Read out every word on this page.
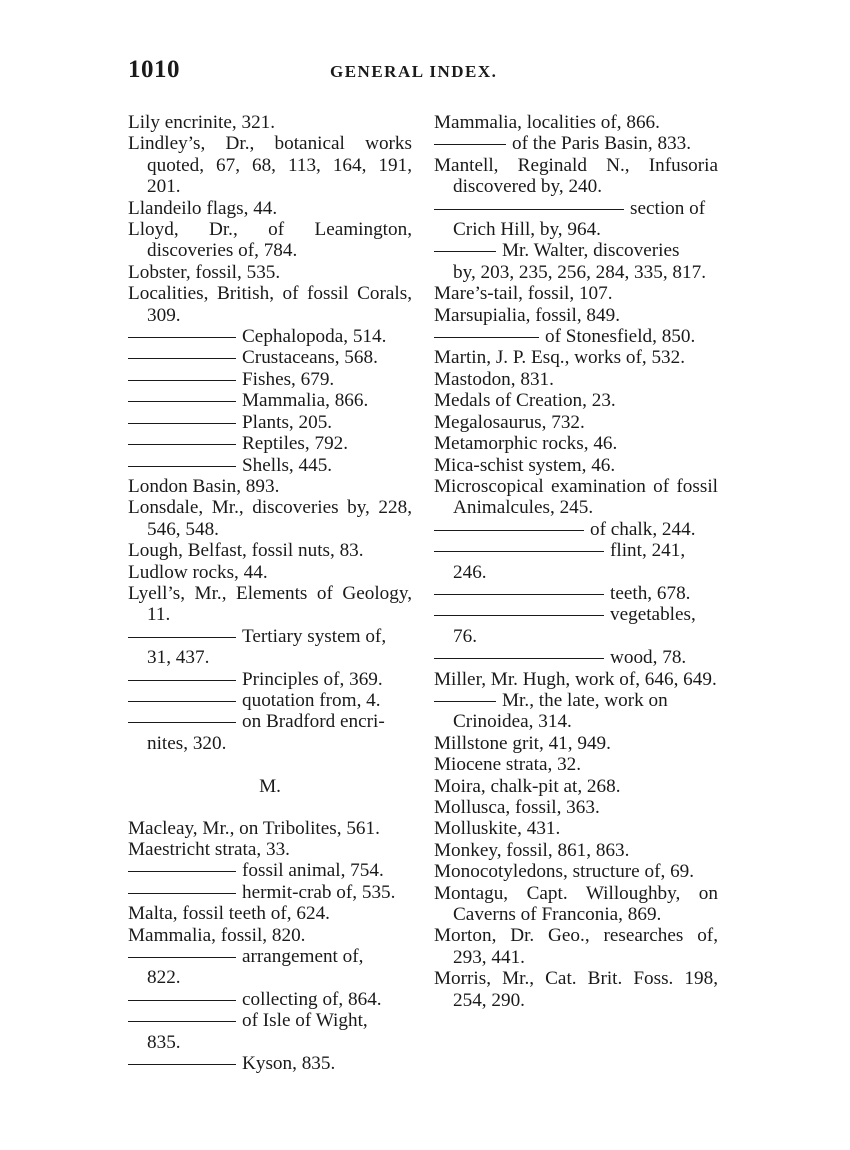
1010	GENERAL INDEX.
Lily encrinite, 321.
Lindley’s, Dr., botanical works quoted, 67, 68, 113, 164, 191, 201.
Llandeilo flags, 44.
Lloyd, Dr., of Leamington, discoveries of, 784.
Lobster, fossil, 535.
Localities, British, of fossil Corals, 309.
Cephalopoda, 514.
Crustaceans, 568.
Fishes, 679.
Mammalia, 866.
Plants, 205.
Reptiles, 792.
Shells, 445.
London Basin, 893.
Lonsdale, Mr., discoveries by, 228, 546, 548.
Lough, Belfast, fossil nuts, 83.
Ludlow rocks, 44.
Lyell’s, Mr., Elements of Geology, 11.
Tertiary system of,
31, 437.
Principles of, 369.
quotation from, 4.
on Bradford encri-
nites, 320.
M.
Macleay, Mr., on Tribolites, 561.
Maestricht strata, 33.
fossil animal, 754.
hermit-crab of, 535.
Malta, fossil teeth of, 624.
Mammalia, fossil, 820.
arrangement of,
822.
collecting of, 864.
of Isle of Wight,
835.
Kyson, 835.
Mammalia, localities of, 866.
of the Paris Basin, 833.
Mantell, Reginald N., Infusoria discovered by, 240.
section of
Crich Hill, by, 964.
Mr. Walter, discoveries
by, 203, 235, 256, 284, 335, 817.
Mare’s-tail, fossil, 107.
Marsupialia, fossil, 849.
of Stonesfield, 850.
Martin, J. P. Esq., works of, 532.
Mastodon, 831.
Medals of Creation, 23.
Megalosaurus, 732.
Metamorphic rocks, 46.
Mica-schist system, 46.
Microscopical examination of fossil Animalcules, 245.
of chalk, 244.
flint, 241,
246.
teeth, 678.
vegetables,
76.
wood, 78.
Miller, Mr. Hugh, work of, 646, 649.
Mr., the late, work on
Crinoidea, 314.
Millstone grit, 41, 949.
Miocene strata, 32.
Moira, chalk-pit at, 268.
Mollusca, fossil, 363.
Molluskite, 431.
Monkey, fossil, 861, 863.
Monocotyledons, structure of, 69.
Montagu, Capt. Willoughby, on Caverns of Franconia, 869.
Morton, Dr. Geo., researches of, 293, 441.
Morris, Mr., Cat. Brit. Foss. 198, 254, 290.
